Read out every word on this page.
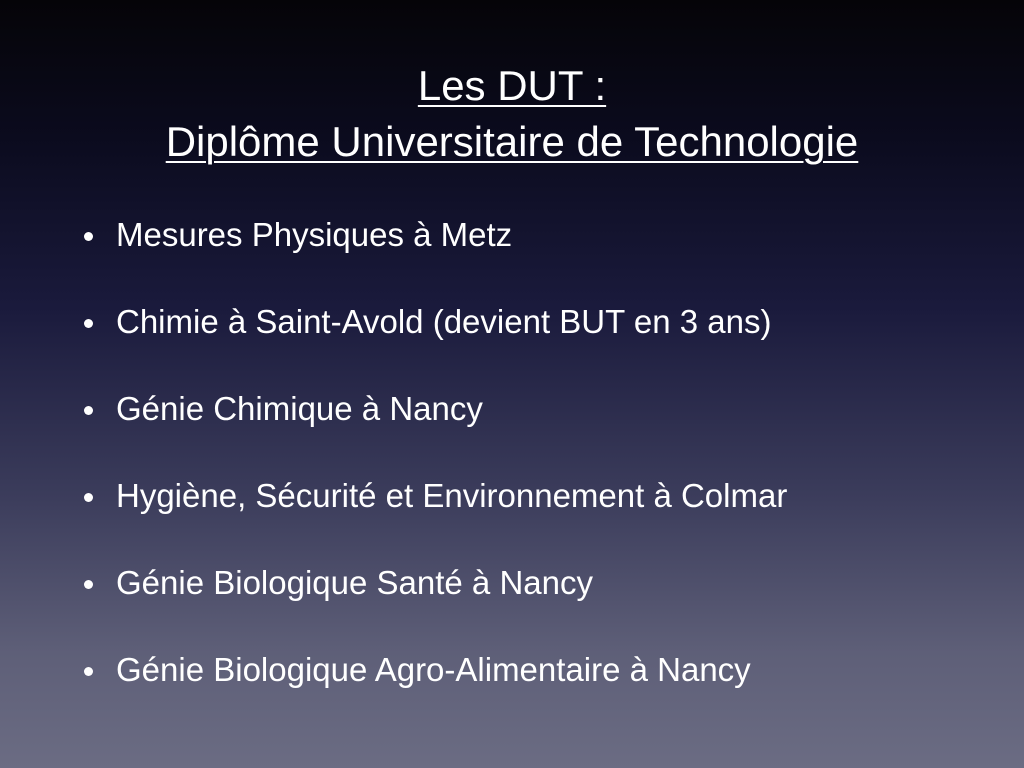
Les DUT :
Diplôme Universitaire de Technologie
Mesures Physiques à Metz
Chimie à Saint-Avold (devient BUT en 3 ans)
Génie Chimique à Nancy
Hygiène, Sécurité et Environnement à Colmar
Génie Biologique Santé à Nancy
Génie Biologique Agro-Alimentaire à Nancy
